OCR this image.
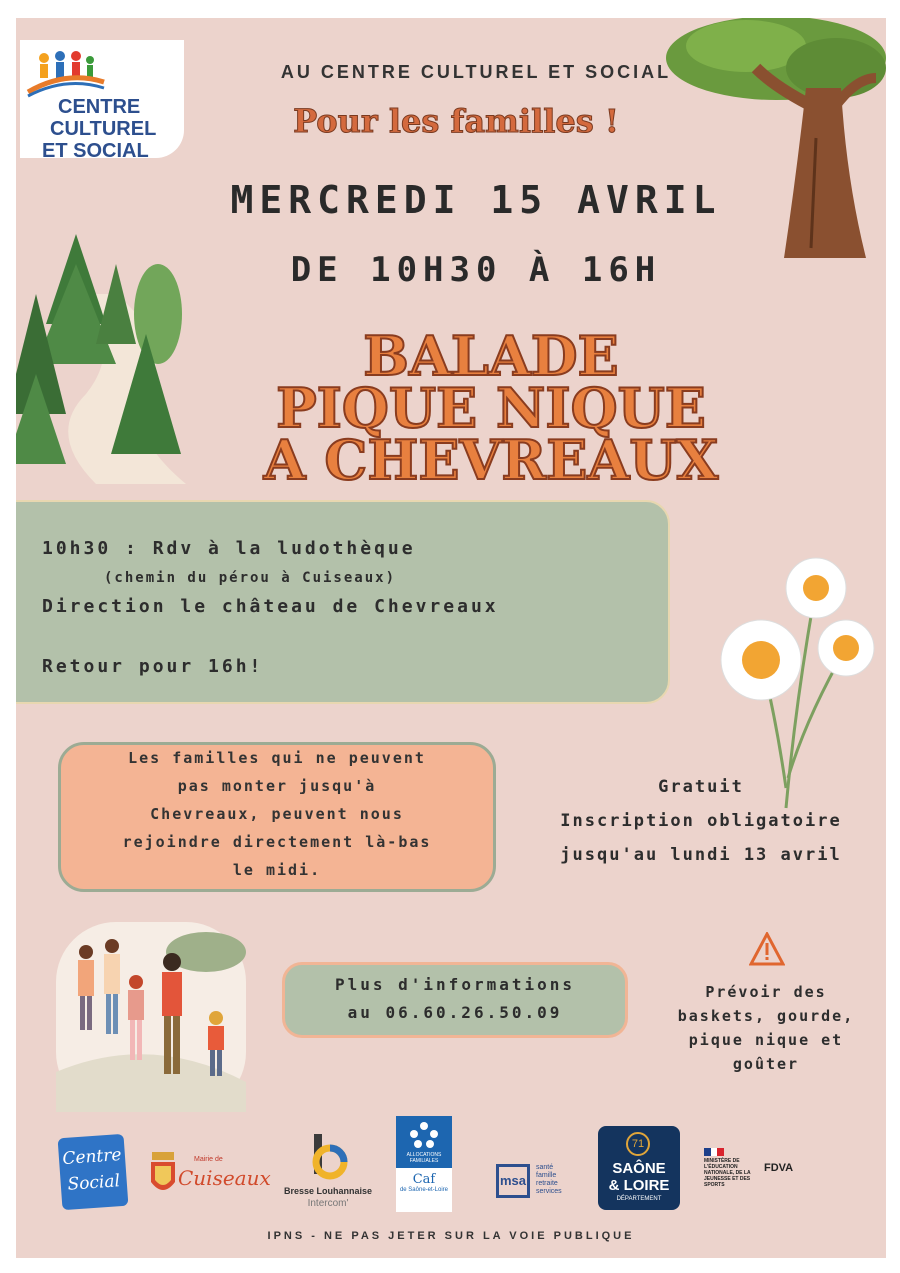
CENTRE
CULTUREL
ET SOCIAL
AU CENTRE CULTUREL ET SOCIAL
Pour les familles !
MERCREDI 15 AVRIL
DE 10H30 À 16H
BALADE
PIQUE NIQUE
A CHEVREAUX
10h30 : Rdv à la ludothèque
(chemin du pérou à Cuiseaux)
Direction le château de Chevreaux
Retour pour 16h!
Les familles qui ne peuvent
pas monter jusqu'à
Chevreaux, peuvent nous
rejoindre directement là-bas
le midi.
Gratuit
Inscription obligatoire
jusqu'au lundi 13 avril
Plus d'informations
au 06.60.26.50.09
Prévoir des
baskets, gourde,
pique nique et
goûter
Centre
Social
Mairie de
Cuiseaux
Bresse Louhannaise
Intercom'
ALLOCATIONS FAMILIALES
Caf
de Saône-et-Loire
msa
santé
famille
retraite
services
71
SAÔNE
& LOIRE
DÉPARTEMENT
MINISTÈRE DE L'ÉDUCATION NATIONALE, DE LA JEUNESSE ET DES SPORTS
FDVA
IPNS - NE PAS JETER SUR LA VOIE PUBLIQUE
